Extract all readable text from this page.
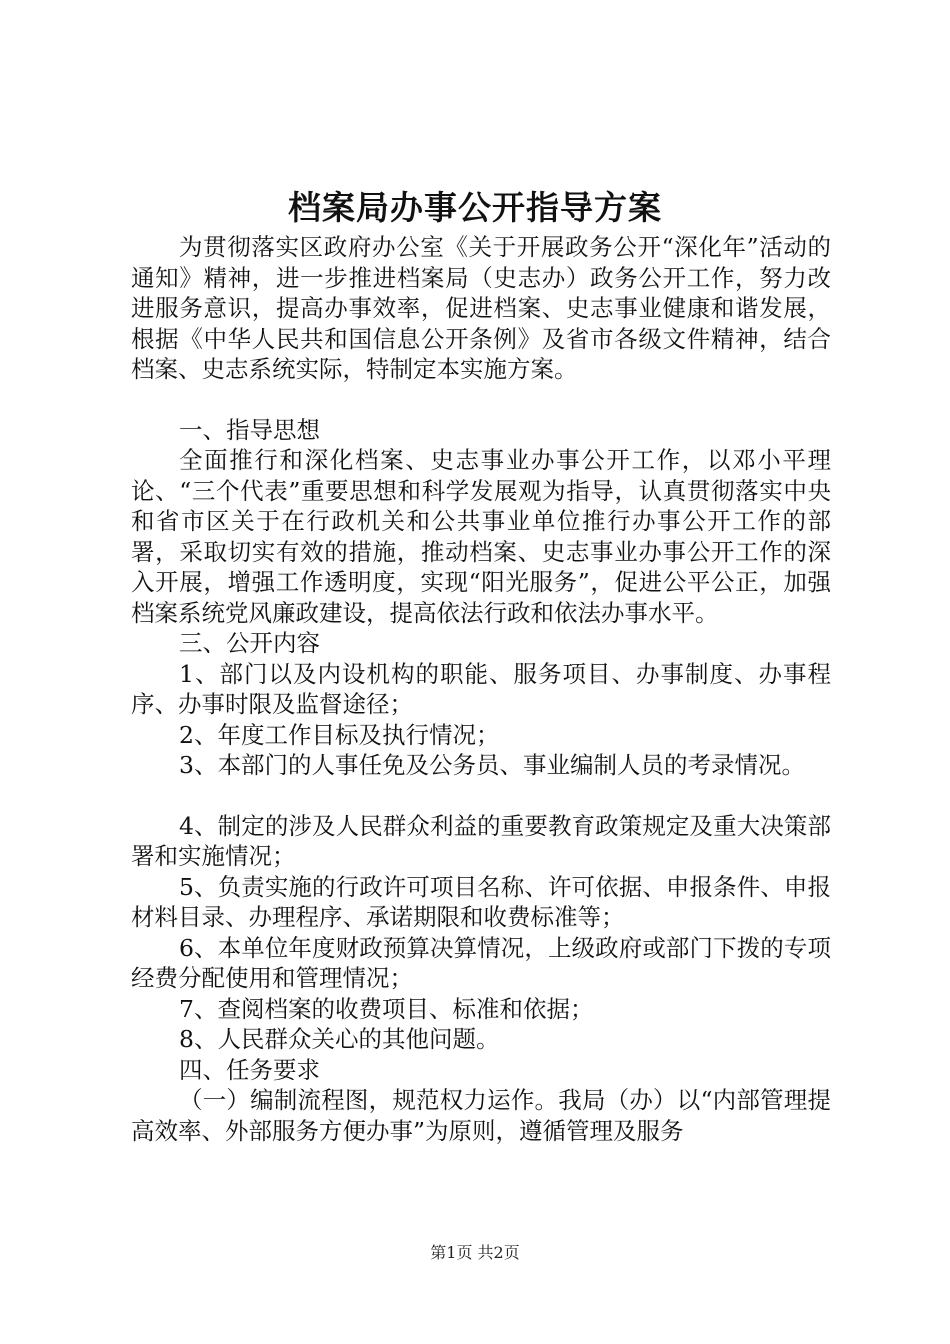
档案局办事公开指导方案

为贯彻落实区政府办公室《关于开展政务公开“深化年”活动的通知》精神，进一步推进档案局（史志办）政务公开工作，努力改进服务意识，提高办事效率，促进档案、史志事业健康和谐发展，根据《中华人民共和国信息公开条例》及省市各级文件精神，结合档案、史志系统实际，特制定本实施方案。

一、指导思想

全面推行和深化档案、史志事业办事公开工作，以邓小平理论、“三个代表”重要思想和科学发展观为指导，认真贯彻落实中央和省市区关于在行政机关和公共事业单位推行办事公开工作的部署，采取切实有效的措施，推动档案、史志事业办事公开工作的深入开展，增强工作透明度，实现“阳光服务”，促进公平公正，加强档案系统党风廉政建设，提高依法行政和依法办事水平。

三、公开内容

1、部门以及内设机构的职能、服务项目、办事制度、办事程序、办事时限及监督途径；

2、年度工作目标及执行情况；

3、本部门的人事任免及公务员、事业编制人员的考录情况。

4、制定的涉及人民群众利益的重要教育政策规定及重大决策部署和实施情况；

5、负责实施的行政许可项目名称、许可依据、申报条件、申报材料目录、办理程序、承诺期限和收费标准等；

6、本单位年度财政预算决算情况，上级政府或部门下拨的专项经费分配使用和管理情况；

7、查阅档案的收费项目、标准和依据；

8、人民群众关心的其他问题。

四、任务要求

（一）编制流程图，规范权力运作。我局（办）以“内部管理提高效率、外部服务方便办事”为原则，遵循管理及服务

第1页 共2页
